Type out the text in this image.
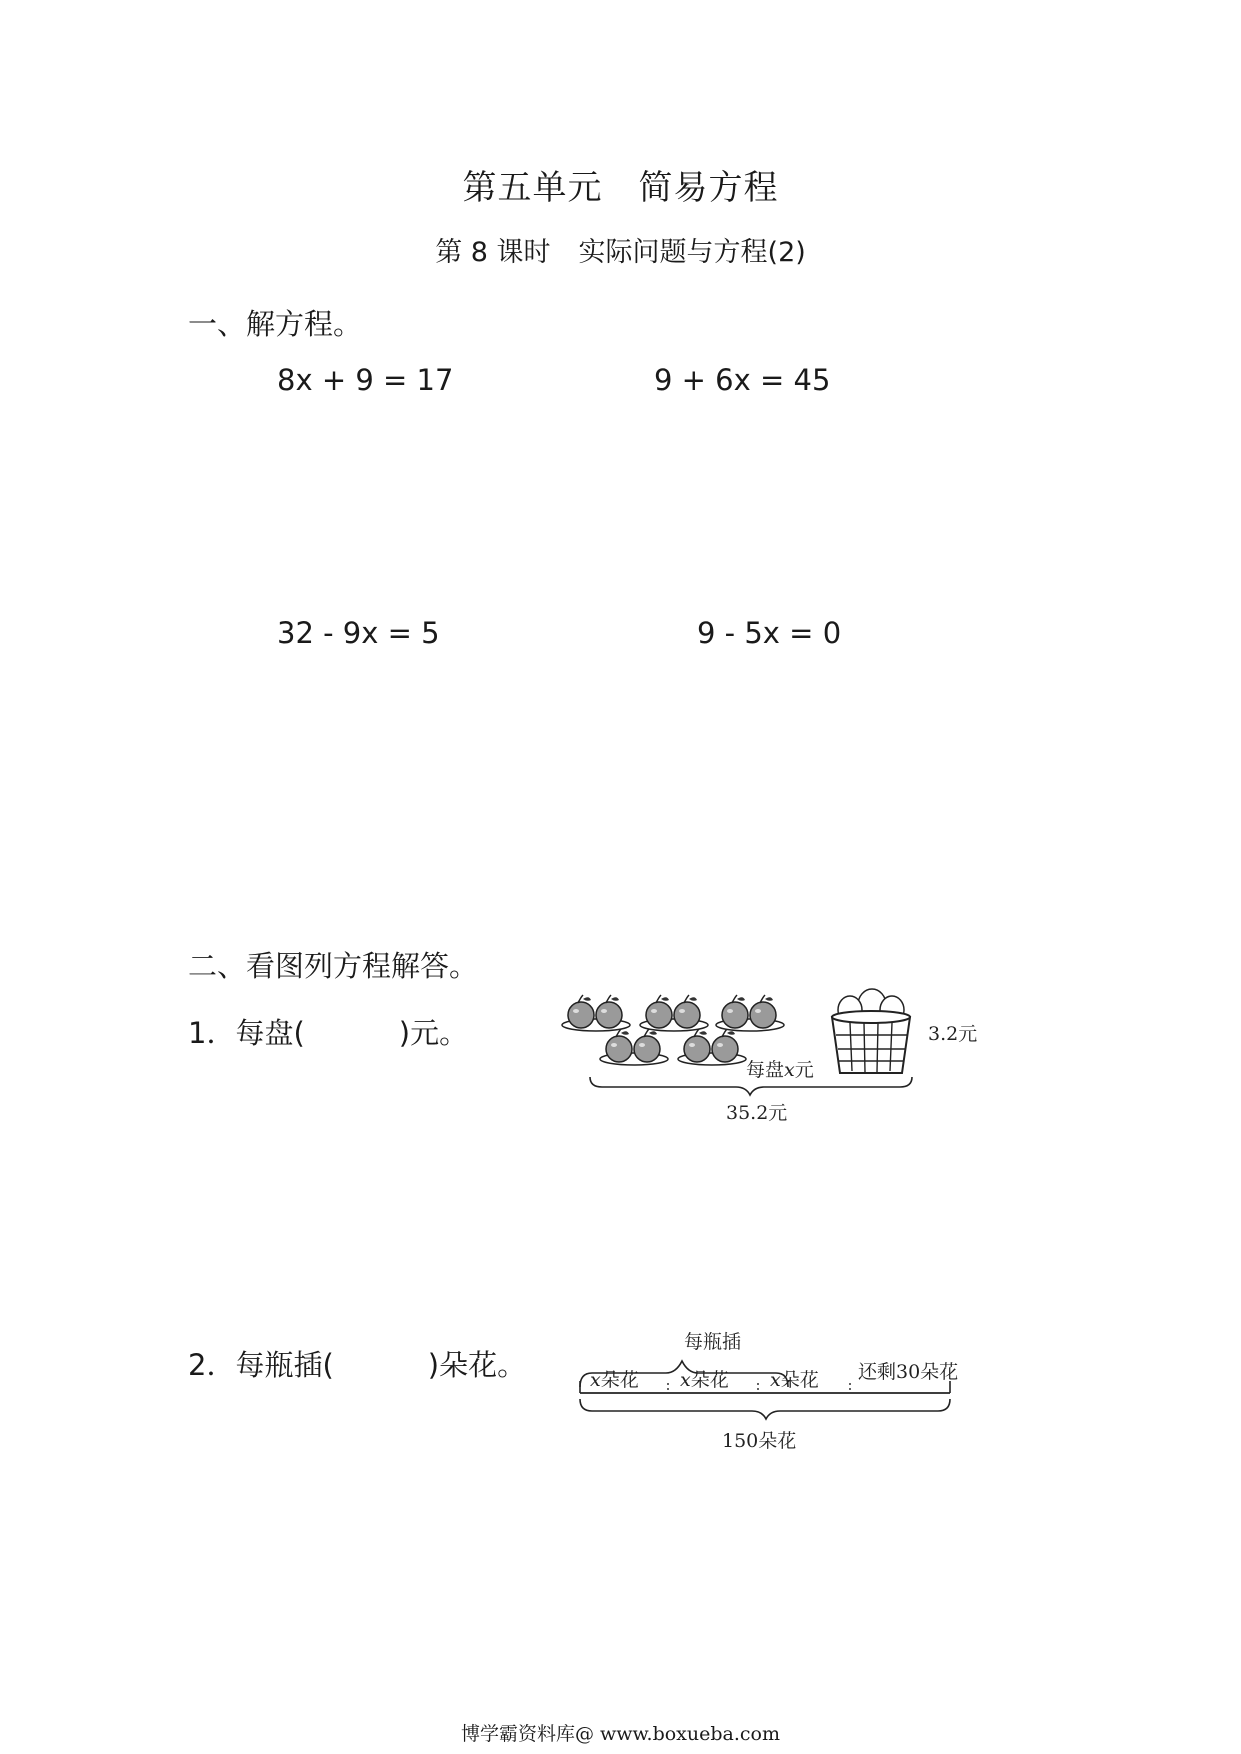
第五单元 简易方程
第 8 课时 实际问题与方程(2)
一、解方程。
8x + 9 = 17	9 + 6x = 45
32 - 9x = 5	9 - 5x = 0
二、看图列方程解答。
1．每盘(	)元。
2．每瓶插(	)朵花。
3.2元
每盘x元
35.2元
每瓶插
x朵花 x朵花 x朵花 还剩30朵花
150朵花
博学霸资料库@ www.boxueba.com
